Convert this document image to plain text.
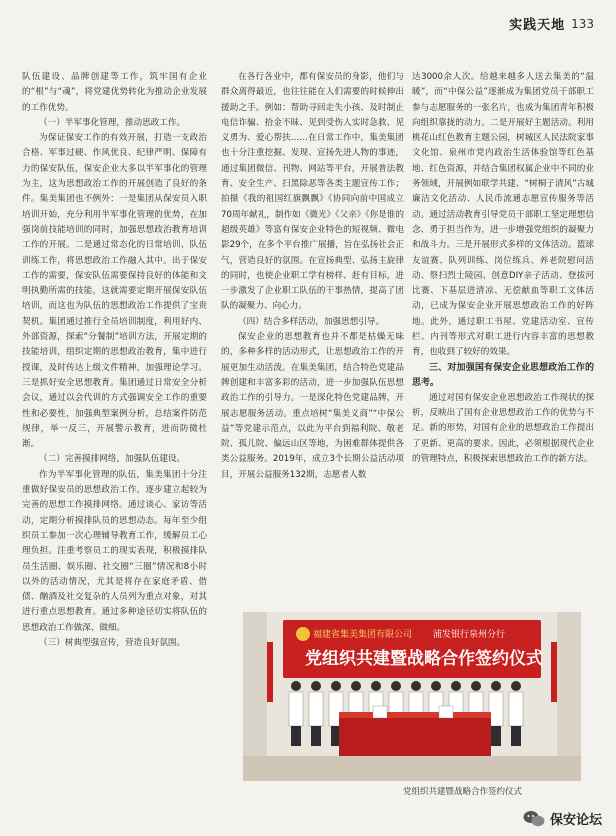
实践天地 133

队伍建设、品牌创建等工作，筑牢国有企业的“根”与“魂”，将党建优势转化为推动企业发展的工作优势。

（一）半军事化管理，推动思政工作。

为保证保安工作的有效开展，打造一支政治合格、军事过硬、作风优良、纪律严明、保障有力的保安队伍，保安企业大多以半军事化的管理为主，这为思想政治工作的开展创造了良好的条件。集美集团也不例外：一是集团从保安员入职培训开始，充分利用半军事化管理的优势，在加强岗前技能培训的同时，加强思想政治教育培训工作的开展。二是通过常态化的日常培训、队伍训练工作，将思想政治工作融入其中。出于保安工作的需要，保安队伍需要保持良好的体能和文明执勤所需的技能，这就需要定期开展保安队伍培训，而这也为队伍的思想政治工作提供了宝贵契机。集团通过推行全员培训制度，利用好内、外部资源，探索“分餐制”培训方法，开展定期的技能培训，组织定期的思想政治教育，集中进行授课，及时传达上级文件精神，加强理论学习。三是抓好安全思想教育。集团通过日常安全分析会议，通过以会代训的方式强调安全工作的重要性和必要性，加强典型案例分析，总结案件防范规律，举一反三，开展警示教育，进而防微杜渐。

（二）完善摸排网络，加强队伍建设。

作为半军事化管理的队伍，集美集团十分注重做好保安员的思想政治工作，逐步建立起较为完善的思想工作摸排网络。通过谈心、家访等活动，定期分析摸排队员的思想动态。每年至少组织员工参加一次心理辅导教育工作，缓解员工心理负担。注重考察员工的现实表现，积极摸排队员生活圈、娱乐圈、社交圈“三圈”情况和8小时以外的活动情况，尤其是将存在家庭矛盾、借债、酗酒及社交复杂的人员列为重点对象，对其进行重点思想教育。通过多种途径切实将队伍的思想政治工作做深、做细。

（三）树典型强宣传，营造良好氛围。

在各行各业中，都有保安员的身影，他们与群众离得最近，也往往能在人们需要的时候伸出援助之手。例如：帮助寻回走失小孩、及时制止电信诈骗、拾金不昧、见到受伤人实时急救、见义勇为、爱心帮扶……在日常工作中，集美集团也十分注重挖掘、发现、宣扬先进人物的事迹，通过集团微信、刊物、网站等平台，开展普法教育、安全生产、扫黑除恶等各类主题宣传工作；拍摄《我的祖国红旗飘飘》《协同向前中国成立70周年献礼，制作如《微光》《父亲》《你是谁的超级英雄》等富有保安企业特色的短视频、微电影29个，在多个平台推广展播，旨在弘扬社会正气，营造良好的氛围。在宣扬典型、弘扬主旋律的同时，也使企业职工学有榜样、赶有目标，进一步激发了企业职工队伍的干事热情，提高了团队的凝聚力、向心力。

（四）结合多样活动，加强思想引导。

保安企业的思想教育也并不都是枯燥无味的，多种多样的活动形式，让思想政治工作的开展更加生动活泼。在集美集团，结合特色党建品牌创建和丰富多彩的活动，进一步加强队伍思想政治工作的引导力。一是深化特色党建品牌，开展志愿服务活动。重点培树“集美义商”“中保公益”等党建示范点，以此为平台到福利院、敬老院、孤儿院、偏远山区等地，为困难群体提供各类公益服务。2019年，成立3个长期公益活动项目，开展公益服务132期，志愿者人数

达3000余人次。给越来越多人送去集美的“温暖”，而“中保公益”逐渐成为集团党员干部职工参与志愿服务的一张名片，也成为集团青年积极向组织靠拢的动力。二是开展好主题活动。利用桃花山红色教育主题公园，树城区人民法院家事文化馆、泉州市党内政治生活体验馆等红色基地、红色资源，并结合集团权属企业中不同的业务领域，开展例如联学共建、“树桐子清风”古城廉洁文化活动、人民币流通志愿宣传服务等活动。通过活动教育引导党员干部职工坚定理想信念、勇于担当作为，进一步增强党组织的凝聚力和战斗力。三是开展形式多样的文体活动。篮球友谊赛、队列训练、岗位练兵、养老院慰问活动、祭扫烈士陵园、创意DIY亲子活动、登拔河比赛、下基层进清凉、无偿献血等职工文体活动，已成为保安企业开展思想政治工作的好阵地。此外，通过职工书屋、党建活动室、宣传栏、内刊等形式对职工进行内容丰富的思想教育，也收到了较好的效果。

三、对加强国有保安企业思想政治工作的思考。

通过对国有保安企业思想政治工作现状的探析，反映出了国有企业思想政治工作的优势与不足。新的形势，对国有企业的思想政治工作提出了更新、更高的要求。因此，必须根据现代企业的管理特点，积极探索思想政治工作的新方法。

福建省集美集团有限公司 浦发银行泉州分行
党组织共建暨战略合作签约仪式
党组织共建暨战略合作签约仪式
保安论坛
